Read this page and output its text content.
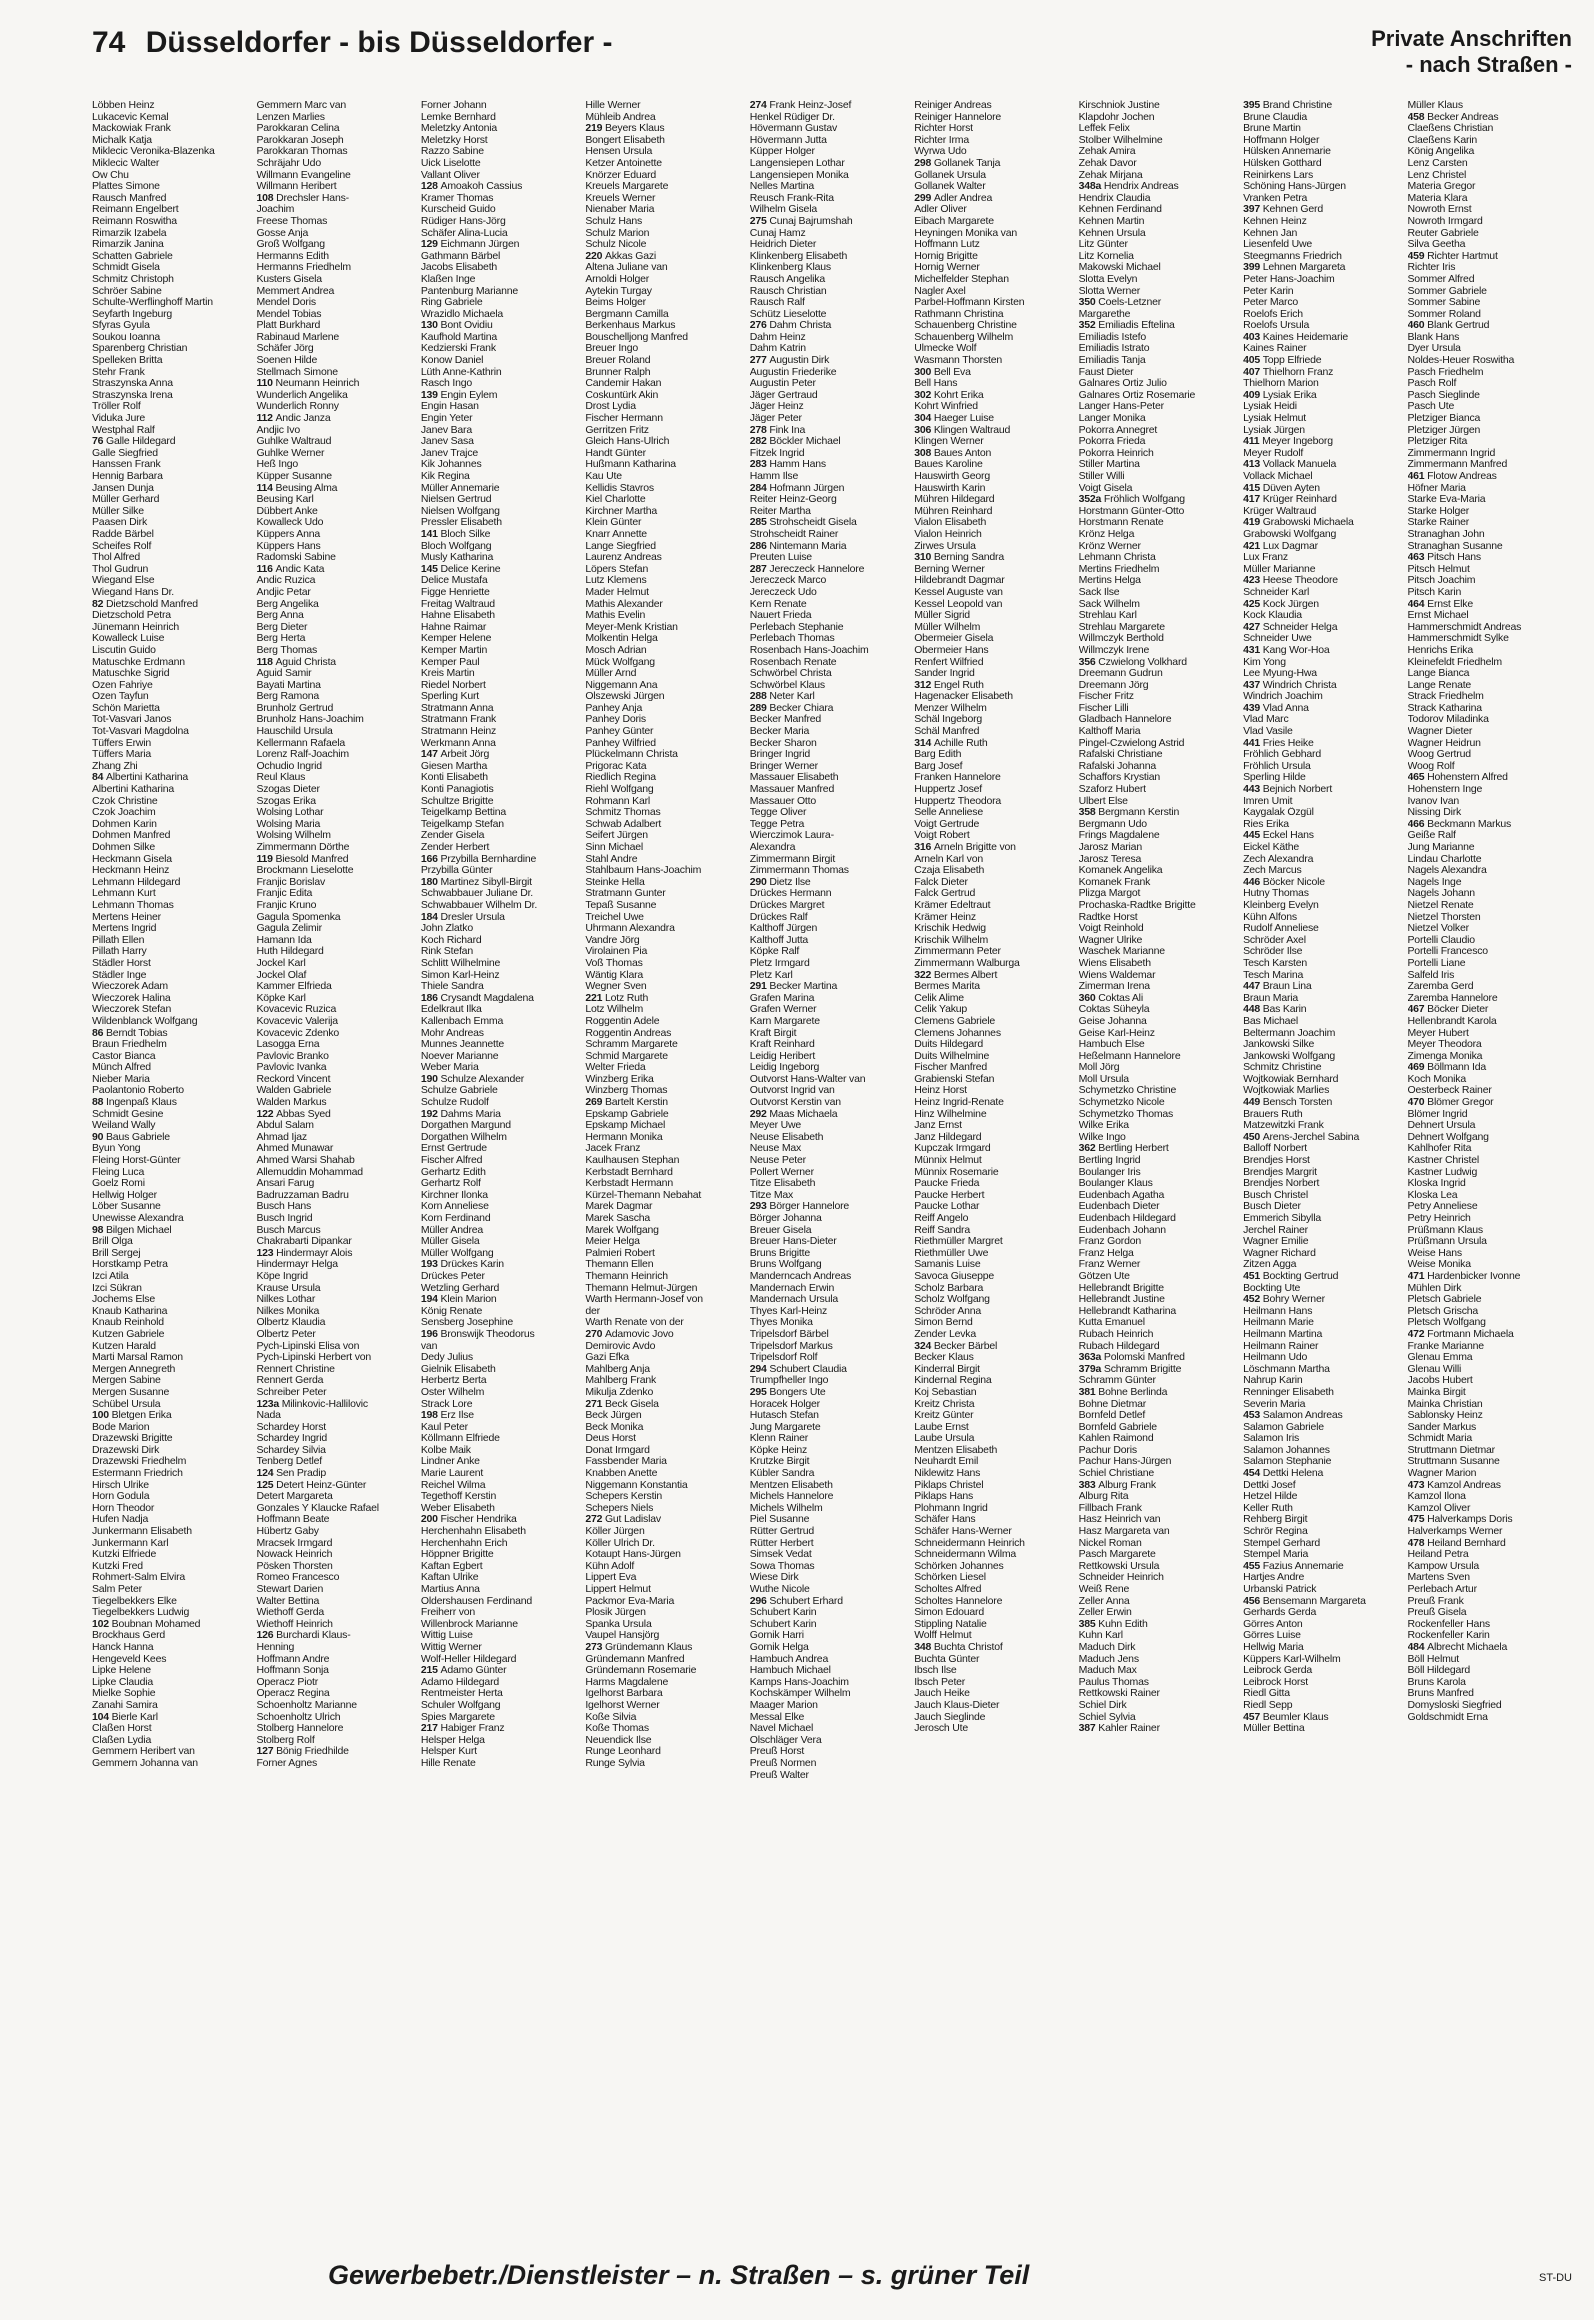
74 Düsseldorfer - bis Düsseldorfer -	Private Anschriften
- nach Straßen -
Löbben Heinz
Lukacevic Kemal
Mackowiak Frank
Michalk Katja
Miklecic Veronika-Blazenka
Miklecic Walter
Ow Chu
Plattes Simone
Rausch Manfred
Reimann Engelbert
Reimann Roswitha
Rimarzik Izabela
Rimarzik Janina
Schatten Gabriele
Schmidt Gisela
Schmitz Christoph
Schröer Sabine
Schulte-Werflinghoff Martin
Seyfarth Ingeburg
Sfyras Gyula
Soukou Ioanna
Sparenberg Christian
Spelleken Britta
Stehr Frank
Straszynska Anna
Straszynska Irena
Tröller Rolf
Viduka Jure
Westphal Ralf
76 Galle Hildegard
Galle Siegfried
Hanssen Frank
Hennig Barbara
Jansen Dunja
Müller Gerhard
Müller Silke
Paasen Dirk
Radde Bärbel
Scheifes Rolf
Thol Alfred
Thol Gudrun
Wiegand Else
Wiegand Hans Dr.
82 Dietzschold Manfred
Dietzschold Petra
Jünemann Heinrich
Kowalleck Luise
Liscutin Guido
Matuschke Erdmann
Matuschke Sigrid
Ozen Fahriye
Ozen Tayfun
Schön Marietta
Tot-Vasvari Janos
Tot-Vasvari Magdolna
Tüffers Erwin
Tüffers Maria
Zhang Zhi
84 Albertini Katharina
Albertini Katharina
Czok Christine
Czok Joachim
Dohmen Karin
Dohmen Manfred
Dohmen Silke
Heckmann Gisela
Heckmann Heinz
Lehmann Hildegard
Lehmann Kurt
Lehmann Thomas
Mertens Heiner
Mertens Ingrid
Pillath Ellen
Pillath Harry
Städler Horst
Städler Inge
Wieczorek Adam
Wieczorek Halina
Wieczorek Stefan
Wildenblanck Wolfgang
86 Berndt Tobias
Braun Friedhelm
Castor Bianca
Münch Alfred
Nieber Maria
Paolantonio Roberto
88 Ingenpaß Klaus
Schmidt Gesine
Weiland Wally
90 Baus Gabriele
Byun Yong
Fleing Horst-Günter
Fleing Luca
Goelz Romi
Hellwig Holger
Löber Susanne
Unewisse Alexandra
98 Bilgen Michael
Brill Olga
Brill Sergej
Horstkamp Petra
Izci Atila
Izci Sükran
Jochems Else
Knaub Katharina
Knaub Reinhold
Kutzen Gabriele
Kutzen Harald
Marti Marsal Ramon
Mergen Annegreth
Mergen Sabine
Mergen Susanne
Schübel Ursula
100 Bletgen Erika
Bode Marion
Drazewski Brigitte
Drazewski Dirk
Drazewski Friedhelm
Estermann Friedrich
Hirsch Ulrike
Horn Godula
Horn Theodor
Hufen Nadja
Junkermann Elisabeth
Junkermann Karl
Kutzki Elfriede
Kutzki Fred
Rohmert-Salm Elvira
Salm Peter
Tiegelbekkers Elke
Tiegelbekkers Ludwig
102 Boubnan Mohamed
Brockhaus Gerd
Hanck Hanna
Hengeveld Kees
Lipke Helene
Lipke Claudia
Mielke Sophie
Zanahi Samira
104 Bierle Karl
Claßen Horst
Claßen Lydia
Gemmern Heribert van
Gemmern Johanna van
Gemmern Marc van
Lenzen Marlies
Parokkaran Celina
Parokkaran Joseph
Parokkaran Thomas
Schräjahr Udo
Willmann Evangeline
Willmann Heribert
108 Drechsler Hans-
Joachim
Freese Thomas
Gosse Anja
Groß Wolfgang
Hermanns Edith
Hermanns Friedhelm
Kusters Gisela
Memmert Andrea
Mendel Doris
Mendel Tobias
Platt Burkhard
Rabinaud Marlene
Schäfer Jörg
Soenen Hilde
Stellmach Simone
110 Neumann Heinrich
Wunderlich Angelika
Wunderlich Ronny
112 Andic Janza
Andjic Ivo
Guhlke Waltraud
Guhlke Werner
Heß Ingo
Küpper Susanne
114 Beusing Alma
Beusing Karl
Dübbert Anke
Kowalleck Udo
Küppers Anna
Küppers Hans
Radomski Sabine
116 Andic Kata
Andic Ruzica
Andjic Petar
Berg Angelika
Berg Anna
Berg Dieter
Berg Herta
Berg Thomas
118 Aguid Christa
Aguid Samir
Bayati Martina
Berg Ramona
Brunholz Gertrud
Brunholz Hans-Joachim
Hauschild Ursula
Kellermann Rafaela
Lorenz Ralf-Joachim
Ochudio Ingrid
Reul Klaus
Szogas Dieter
Szogas Erika
Wolsing Lothar
Wolsing Maria
Wolsing Wilhelm
Zimmermann Dörthe
119 Biesold Manfred
Brockmann Lieselotte
Franjic Borislav
Franjic Edita
Franjic Kruno
Gagula Spomenka
Gagula Zelimir
Hamann Ida
Huth Hildegard
Jockel Karl
Jockel Olaf
Kammer Elfrieda
Köpke Karl
Kovacevic Ruzica
Kovacevic Valerija
Kovacevic Zdenko
Lasogga Erna
Pavlovic Branko
Pavlovic Ivanka
Reckord Vincent
Walden Gabriele
Walden Markus
122 Abbas Syed
Abdul Salam
Ahmad Ijaz
Ahmed Munawar
Ahmed Warsi Shahab
Allemuddin Mohammad
Ansari Farug
Badruzzaman Badru
Busch Hans
Busch Ingrid
Busch Marcus
Chakrabarti Dipankar
123 Hindermayr Alois
Hindermayr Helga
Köpe Ingrid
Krause Ursula
Nilkes Lothar
Nilkes Monika
Olbertz Klaudia
Olbertz Peter
Pych-Lipinski Elisa von
Pych-Lipinski Herbert von
Rennert Christine
Rennert Gerda
Schreiber Peter
123a Milinkovic-Hallilovic
Nada
Schardey Horst
Schardey Ingrid
Schardey Silvia
Tenberg Detlef
124 Sen Pradip
125 Detert Heinz-Günter
Detert Margareta
Gonzales Y Klaucke Rafael
Hoffmann Beate
Hübertz Gaby
Mracsek Irmgard
Nowack Heinrich
Pösken Thorsten
Romeo Francesco
Stewart Darien
Walter Bettina
Wiethoff Gerda
Wiethoff Heinrich
126 Burchardi Klaus-
Henning
Hoffmann Andre
Hoffmann Sonja
Operacz Piotr
Operacz Regina
Schoenholtz Marianne
Schoenholtz Ulrich
Stolberg Hannelore
Stolberg Rolf
127 Bönig Friedhilde
Forner Agnes
Forner Johann
Lemke Bernhard
Meletzky Antonia
Meletzky Horst
Razzo Sabine
Uick Liselotte
Vallant Oliver
128 Amoakoh Cassius
Kramer Thomas
Kurscheid Guido
Rüdiger Hans-Jörg
Schäfer Alina-Lucia
129 Eichmann Jürgen
Gathmann Bärbel
Jacobs Elisabeth
Klaßen Inge
Pantenburg Marianne
Ring Gabriele
Wrazidlo Michaela
130 Bont Ovidiu
Kaufhold Martina
Kedzierski Frank
Konow Daniel
Lüth Anne-Kathrin
Rasch Ingo
139 Engin Eylem
Engin Hasan
Engin Yeter
Janev Bara
Janev Sasa
Janev Trajce
Kik Johannes
Kik Regina
Müller Annemarie
Nielsen Gertrud
Nielsen Wolfgang
Pressler Elisabeth
141 Bloch Silke
Bloch Wolfgang
Musly Katharina
145 Delice Kerine
Delice Mustafa
Figge Henriette
Freitag Waltraud
Hahne Elisabeth
Hahne Raimar
Kemper Helene
Kemper Martin
Kemper Paul
Kreis Martin
Riedel Norbert
Sperling Kurt
Stratmann Anna
Stratmann Frank
Stratmann Heinz
Werkmann Anna
147 Arbeit Jörg
Giesen Martha
Konti Elisabeth
Konti Panagiotis
Schultze Brigitte
Teigelkamp Bettina
Teigelkamp Stefan
Zender Gisela
Zender Herbert
166 Przybilla Bernhardine
Przybilla Günter
180 Martinez Sibyll-Birgit
Schwabbauer Juliane Dr.
Schwabbauer Wilhelm Dr.
184 Dresler Ursula
John Zlatko
Koch Richard
Rink Stefan
Schlitt Wilhelmine
Simon Karl-Heinz
Thiele Sandra
186 Crysandt Magdalena
Edelkraut Ilka
Kallenbach Emma
Mohr Andreas
Munnes Jeannette
Noever Marianne
Weber Maria
190 Schulze Alexander
Schulze Gabriele
Schulze Rudolf
192 Dahms Maria
Dorgathen Margund
Dorgathen Wilhelm
Ernst Gertrude
Fischer Alfred
Gerhartz Edith
Gerhartz Rolf
Kirchner Ilonka
Korn Anneliese
Korn Ferdinand
Müller Andrea
Müller Gisela
Müller Wolfgang
193 Drückes Karin
Drückes Peter
Wetzling Gerhard
194 Klein Marion
König Renate
Sensberg Josephine
196 Bronswijk Theodorus
van
Dedy Julius
Gielnik Elisabeth
Herbertz Berta
Oster Wilhelm
Strack Lore
198 Erz Ilse
Kaul Peter
Köllmann Elfriede
Kolbe Maik
Lindner Anke
Marie Laurent
Reichel Wilma
Tegethoff Kerstin
Weber Elisabeth
200 Fischer Hendrika
Herchenhahn Elisabeth
Herchenhahn Erich
Höppner Brigitte
Kaftan Egbert
Kaftan Ulrike
Martius Anna
Oldershausen Ferdinand
Freiherr von
Willenbrock Marianne
Wittig Luise
Wittig Werner
Wolf-Heller Hildegard
215 Adamo Günter
Adamo Hildegard
Rentmeister Herta
Schuler Wolfgang
Spies Margarete
217 Habiger Franz
Helsper Helga
Helsper Kurt
Hille Renate
Hille Werner
Mühleib Andrea
219 Beyers Klaus
Bongert Elisabeth
Hensen Ursula
Ketzer Antoinette
Knörzer Eduard
Kreuels Margarete
Kreuels Werner
Nienaber Maria
Schulz Hans
Schulz Marion
Schulz Nicole
220 Akkas Gazi
Altena Juliane van
Arnoldi Holger
Aytekin Turgay
Beims Holger
Bergmann Camilla
Berkenhaus Markus
Bouschelljong Manfred
Breuer Ingo
Breuer Roland
Brunner Ralph
Candemir Hakan
Coskuntürk Akin
Drost Lydia
Fischer Hermann
Gerritzen Fritz
Gleich Hans-Ulrich
Handt Günter
Hußmann Katharina
Kau Ute
Kellidis Stavros
Kiel Charlotte
Kirchner Martha
Klein Günter
Knarr Annette
Lange Siegfried
Laurenz Andreas
Löpers Stefan
Lutz Klemens
Mader Helmut
Mathis Alexander
Mathis Evelin
Meyer-Menk Kristian
Molkentin Helga
Mosch Adrian
Mück Wolfgang
Müller Arnd
Niggemann Ana
Olszewski Jürgen
Panhey Anja
Panhey Doris
Panhey Günter
Panhey Wilfried
Plückelmann Christa
Prigorac Kata
Riedlich Regina
Riehl Wolfgang
Rohmann Karl
Schmitz Thomas
Schwab Adalbert
Seifert Jürgen
Sinn Michael
Stahl Andre
Stahlbaum Hans-Joachim
Steinke Hella
Stratmann Gunter
Tepaß Susanne
Treichel Uwe
Uhrmann Alexandra
Vandre Jörg
Virolainen Pia
Voß Thomas
Wäntig Klara
Wegner Sven
221 Lotz Ruth
Lotz Wilhelm
Roggentin Adele
Roggentin Andreas
Schramm Margarete
Schmid Margarete
Welter Frieda
Winzberg Erika
Winzberg Thomas
269 Bartelt Kerstin
Epskamp Gabriele
Epskamp Michael
Hermann Monika
Jacek Franz
Kaulhausen Stephan
Kerbstadt Bernhard
Kerbstadt Hermann
Kürzel-Themann Nebahat
Marek Dagmar
Marek Sascha
Marek Wolfgang
Meier Helga
Palmieri Robert
Themann Ellen
Themann Heinrich
Themann Helmut-Jürgen
Warth Hermann-Josef von
der
Warth Renate von der
270 Adamovic Jovo
Demirovic Avdo
Gazi Efka
Mahlberg Anja
Mahlberg Frank
Mikulja Zdenko
271 Beck Gisela
Beck Jürgen
Beck Monika
Deus Horst
Donat Irmgard
Fassbender Maria
Knabben Anette
Niggemann Konstantia
Schepers Kerstin
Schepers Niels
272 Gut Ladislav
Köller Jürgen
Köller Ulrich Dr.
Kotaupt Hans-Jürgen
Kühn Adolf
Lippert Eva
Lippert Helmut
Packmor Eva-Maria
Plosik Jürgen
Spanka Ursula
Vaupel Hansjörg
273 Gründemann Klaus
Gründemann Manfred
Gründemann Rosemarie
Harms Magdalene
Igelhorst Barbara
Igelhorst Werner
Koße Silvia
Koße Thomas
Neuendick Ilse
Runge Leonhard
Runge Sylvia
274 Frank Heinz-Josef
Henkel Rüdiger Dr.
Hövermann Gustav
Hövermann Jutta
Küpper Holger
Langensiepen Lothar
Langensiepen Monika
Nelles Martina
Reusch Frank-Rita
Wilhelm Gisela
275 Cunaj Bajrumshah
Cunaj Hamz
Heidrich Dieter
Klinkenberg Elisabeth
Klinkenberg Klaus
Rausch Angelika
Rausch Christian
Rausch Ralf
Schütz Lieselotte
276 Dahm Christa
Dahm Heinz
Dahm Katrin
277 Augustin Dirk
Augustin Friederike
Augustin Peter
Jäger Gertraud
Jäger Heinz
Jäger Peter
278 Fink Ina
282 Böckler Michael
Fitzek Ingrid
283 Hamm Hans
Hamm Ilse
284 Hofmann Jürgen
Reiter Heinz-Georg
Reiter Martha
285 Strohscheidt Gisela
Strohscheidt Rainer
286 Nintemann Maria
Preuten Luise
287 Jereczeck Hannelore
Jereczeck Marco
Jereczeck Udo
Kern Renate
Nauert Frieda
Perlebach Stephanie
Perlebach Thomas
Rosenbach Hans-Joachim
Rosenbach Renate
Schwörbel Christa
Schwörbel Klaus
288 Neter Karl
289 Becker Chiara
Becker Manfred
Becker Maria
Becker Sharon
Bringer Ingrid
Bringer Werner
Massauer Elisabeth
Massauer Manfred
Massauer Otto
Tegge Oliver
Tegge Petra
Wierczimok Laura-
Alexandra
Zimmermann Birgit
Zimmermann Thomas
290 Dietz Ilse
Drückes Hermann
Drückes Margret
Drückes Ralf
Kalthoff Jürgen
Kalthoff Jutta
Köpke Ralf
Pletz Irmgard
Pletz Karl
291 Becker Martina
Grafen Marina
Grafen Werner
Karn Margarete
Kraft Birgit
Kraft Reinhard
Leidig Heribert
Leidig Ingeborg
Outvorst Hans-Walter van
Outvorst Ingrid van
Outvorst Kerstin van
292 Maas Michaela
Meyer Uwe
Neuse Elisabeth
Neuse Max
Neuse Peter
Pollert Werner
Titze Elisabeth
Titze Max
293 Börger Hannelore
Börger Johanna
Breuer Gisela
Breuer Hans-Dieter
Bruns Brigitte
Bruns Wolfgang
Manderncach Andreas
Mandernach Erwin
Mandernach Ursula
Thyes Karl-Heinz
Thyes Monika
Tripelsdorf Bärbel
Tripelsdorf Markus
Tripelsdorf Rolf
294 Schubert Claudia
Trumpfheller Ingo
295 Bongers Ute
Horacek Holger
Hutasch Stefan
Jung Margarete
Klenn Rainer
Köpke Heinz
Krutzke Birgit
Kübler Sandra
Mentzen Elisabeth
Michels Hannelore
Michels Wilhelm
Piel Susanne
Rütter Gertrud
Rütter Herbert
Simsek Vedat
Sowa Thomas
Wiese Dirk
Wuthe Nicole
296 Schubert Erhard
Schubert Karin
Schubert Karin
Gornik Harri
Gornik Helga
Hambuch Andrea
Hambuch Michael
Kamps Hans-Joachim
Kochskämper Wilhelm
Maager Marion
Messal Elke
Navel Michael
Olschläger Vera
Preuß Horst
Preuß Normen
Preuß Walter
Reiniger Andreas
Reiniger Hannelore
Richter Horst
Richter Irma
Wyrwa Udo
298 Gollanek Tanja
Gollanek Ursula
Gollanek Walter
299 Adler Andrea
Adler Oliver
Eibach Margarete
Heyningen Monika van
Hoffmann Lutz
Hornig Brigitte
Hornig Werner
Michelfelder Stephan
Nagler Axel
Parbel-Hoffmann Kirsten
Rathmann Christina
Schauenberg Christine
Schauenberg Wilhelm
Ulmecke Wolf
Wasmann Thorsten
300 Bell Eva
Bell Hans
302 Kohrt Erika
Kohrt Winfried
304 Haeger Luise
306 Klingen Waltraud
Klingen Werner
308 Baues Anton
Baues Karoline
Hauswirth Georg
Hauswirth Karin
Mühren Hildegard
Mühren Reinhard
Vialon Elisabeth
Vialon Heinrich
Zirwes Ursula
310 Berning Sandra
Berning Werner
Hildebrandt Dagmar
Kessel Auguste van
Kessel Leopold van
Müller Sigrid
Müller Wilhelm
Obermeier Gisela
Obermeier Hans
Renfert Wilfried
Sander Ingrid
312 Engel Ruth
Hagenacker Elisabeth
Menzer Wilhelm
Schäl Ingeborg
Schäl Manfred
314 Achille Ruth
Barg Edith
Barg Josef
Franken Hannelore
Huppertz Josef
Huppertz Theodora
Selle Anneliese
Voigt Gertrude
Voigt Robert
316 Arneln Brigitte von
Arneln Karl von
Czaja Elisabeth
Falck Dieter
Falck Gertrud
Krämer Edeltraut
Krämer Heinz
Krischik Hedwig
Krischik Wilhelm
Zimmermann Peter
Zimmermann Walburga
322 Bermes Albert
Bermes Marita
Celik Alime
Celik Yakup
Clemens Gabriele
Clemens Johannes
Duits Hildegard
Duits Wilhelmine
Fischer Manfred
Grabienski Stefan
Heinz Horst
Heinz Ingrid-Renate
Hinz Wilhelmine
Janz Ernst
Janz Hildegard
Kupczak Irmgard
Münnix Helmut
Münnix Rosemarie
Paucke Frieda
Paucke Herbert
Paucke Lothar
Reiff Angelo
Reiff Sandra
Riethmüller Margret
Riethmüller Uwe
Samanis Luise
Savoca Giuseppe
Scholz Barbara
Scholz Wolfgang
Schröder Anna
Simon Bernd
Zender Levka
324 Becker Bärbel
Becker Klaus
Kinderral Birgit
Kindernal Regina
Koj Sebastian
Kreitz Christa
Kreitz Günter
Laube Ernst
Laube Ursula
Mentzen Elisabeth
Neuhardt Emil
Niklewitz Hans
Piklaps Christel
Piklaps Hans
Plohmann Ingrid
Schäfer Hans
Schäfer Hans-Werner
Schneidermann Heinrich
Schneidermann Wilma
Schörken Johannes
Schörken Liesel
Scholtes Alfred
Scholtes Hannelore
Simon Edouard
Stippling Natalie
Wolff Helmut
348 Buchta Christof
Buchta Günter
Ibsch Ilse
Ibsch Peter
Jauch Heike
Jauch Klaus-Dieter
Jauch Sieglinde
Jerosch Ute
Kirschniok Justine
Klapdohr Jochen
Leffek Felix
Stolber Wilhelmine
Zehak Amira
Zehak Davor
Zehak Mirjana
348a Hendrix Andreas
Hendrix Claudia
Kehnen Ferdinand
Kehnen Martin
Kehnen Ursula
Litz Günter
Litz Kornelia
Makowski Michael
Slotta Evelyn
Slotta Werner
350 Coels-Letzner
Margarethe
352 Emiliadis Eftelina
Emiliadis Istefo
Emiliadis Istrato
Emiliadis Tanja
Faust Dieter
Galnares Ortiz Julio
Galnares Ortiz Rosemarie
Langer Hans-Peter
Langer Monika
Pokorra Annegret
Pokorra Frieda
Pokorra Heinrich
Stiller Martina
Stiller Willi
Voigt Gisela
352a Fröhlich Wolfgang
Horstmann Günter-Otto
Horstmann Renate
Krönz Helga
Krönz Werner
Lehmann Christa
Mertins Friedhelm
Mertins Helga
Sack Ilse
Sack Wilhelm
Strehlau Karl
Strehlau Margarete
Willmczyk Berthold
Willmczyk Irene
356 Czwielong Volkhard
Dreemann Gudrun
Dreemann Jörg
Fischer Fritz
Fischer Lilli
Gladbach Hannelore
Kalthoff Maria
Pingel-Czwielong Astrid
Rafalski Christiane
Rafalski Johanna
Schaffors Krystian
Szaforz Hubert
Ulbert Else
358 Bergmann Kerstin
Bergmann Udo
Frings Magdalene
Jarosz Marian
Jarosz Teresa
Komanek Angelika
Komanek Frank
Plizga Margot
Prochaska-Radtke Brigitte
Radtke Horst
Voigt Reinhold
Wagner Ulrike
Waschek Marianne
Wiens Elisabeth
Wiens Waldemar
Zimerman Irena
360 Coktas Ali
Coktas Süheyla
Geise Johanna
Geise Karl-Heinz
Hambuch Else
Heßelmann Hannelore
Moll Jörg
Moll Ursula
Schymetzko Christine
Schymetzko Nicole
Schymetzko Thomas
Wilke Erika
Wilke Ingo
362 Bertling Herbert
Bertling Ingrid
Boulanger Iris
Boulanger Klaus
Eudenbach Agatha
Eudenbach Dieter
Eudenbach Hildegard
Eudenbach Johann
Franz Gordon
Franz Helga
Franz Werner
Götzen Ute
Hellebrandt Brigitte
Hellebrandt Justine
Hellebrandt Katharina
Kutta Emanuel
Rubach Heinrich
Rubach Hildegard
363a Polomski Manfred
379a Schramm Brigitte
Schramm Günter
381 Bohne Berlinda
Bohne Dietmar
Bornfeld Detlef
Bornfeld Gabriele
Kahlen Raimond
Pachur Doris
Pachur Hans-Jürgen
Schiel Christiane
383 Alburg Frank
Alburg Rita
Fillbach Frank
Hasz Heinrich van
Hasz Margareta van
Nickel Roman
Pasch Margarete
Rettkowski Ursula
Schneider Heinrich
Weiß Rene
Zeller Anna
Zeller Erwin
385 Kuhn Edith
Kuhn Karl
Maduch Dirk
Maduch Jens
Maduch Max
Paulus Thomas
Rettkowski Rainer
Schiel Dirk
Schiel Sylvia
387 Kahler Rainer
395 Brand Christine
Brune Claudia
Brune Martin
Hoffmann Holger
Hülsken Annemarie
Hülsken Gotthard
Reinirkens Lars
Schöning Hans-Jürgen
Vranken Petra
397 Kehnen Gerd
Kehnen Heinz
Kehnen Jan
Liesenfeld Uwe
Steegmanns Friedrich
399 Lehnen Margareta
Peter Hans-Joachim
Peter Karin
Peter Marco
Roelofs Erich
Roelofs Ursula
403 Kaines Heidemarie
Kaines Rainer
405 Topp Elfriede
407 Thielhorn Franz
Thielhorn Marion
409 Lysiak Erika
Lysiak Heidi
Lysiak Helmut
Lysiak Jürgen
411 Meyer Ingeborg
Meyer Rudolf
413 Vollack Manuela
Vollack Michael
415 Düven Ayten
417 Krüger Reinhard
Krüger Waltraud
419 Grabowski Michaela
Grabowski Wolfgang
421 Lux Dagmar
Lux Franz
Müller Marianne
423 Heese Theodore
Schneider Karl
425 Kock Jürgen
Kock Klaudia
427 Schneider Helga
Schneider Uwe
431 Kang Wor-Hoa
Kim Yong
Lee Myung-Hwa
437 Windrich Christa
Windrich Joachim
439 Vlad Anna
Vlad Marc
Vlad Vasile
441 Fries Heike
Fröhlich Gebhard
Fröhlich Ursula
Sperling Hilde
443 Bejnich Norbert
Imren Umit
Kaygalak Özgül
Ries Erika
445 Eckel Hans
Eickel Käthe
Zech Alexandra
Zech Marcus
446 Böcker Nicole
Hutny Thomas
Kleinberg Evelyn
Kühn Alfons
Rudolf Anneliese
Schröder Axel
Schröder Ilse
Tesch Karsten
Tesch Marina
447 Braun Lina
Braun Maria
448 Bas Karin
Bas Michael
Beltermann Joachim
Jankowski Silke
Jankowski Wolfgang
Schmitz Christine
Wojtkowiak Bernhard
Wojtkowiak Marlies
449 Bensch Torsten
Brauers Ruth
Matzewitzki Frank
450 Arens-Jerchel Sabina
Balloff Norbert
Brendjes Horst
Brendjes Margrit
Brendjes Norbert
Busch Christel
Busch Dieter
Emmerich Sibylla
Jerchel Rainer
Wagner Emilie
Wagner Richard
Zitzen Agga
451 Bockting Gertrud
Bockting Ute
452 Bohry Werner
Heilmann Hans
Heilmann Marie
Heilmann Martina
Heilmann Rainer
Heilmann Udo
Löschmann Martha
Nahrup Karin
Renninger Elisabeth
Severin Maria
453 Salamon Andreas
Salamon Gabriele
Salamon Iris
Salamon Johannes
Salamon Stephanie
454 Dettki Helena
Dettki Josef
Hetzel Hilde
Keller Ruth
Rehberg Birgit
Schrör Regina
Stempel Gerhard
Stempel Maria
455 Fazius Annemarie
Hartjes Andre
Urbanski Patrick
456 Bensemann Margareta
Gerhards Gerda
Görres Anton
Görres Luise
Hellwig Maria
Küppers Karl-Wilhelm
Leibrock Gerda
Leibrock Horst
Riedl Gitta
Riedl Sepp
457 Beumler Klaus
Müller Bettina
Müller Klaus
458 Becker Andreas
Claeßens Christian
Claeßens Karin
König Angelika
Lenz Carsten
Lenz Christel
Materia Gregor
Materia Klara
Nowroth Ernst
Nowroth Irmgard
Reuter Gabriele
Silva Geetha
459 Richter Hartmut
Richter Iris
Sommer Alfred
Sommer Gabriele
Sommer Sabine
Sommer Roland
460 Blank Gertrud
Blank Hans
Dyer Ursula
Noldes-Heuer Roswitha
Pasch Friedhelm
Pasch Rolf
Pasch Sieglinde
Pasch Ute
Pletziger Bianca
Pletziger Jürgen
Pletziger Rita
Zimmermann Ingrid
Zimmermann Manfred
461 Flotow Andreas
Höfner Maria
Starke Eva-Maria
Starke Holger
Starke Rainer
Stranaghan John
Stranaghan Susanne
463 Pitsch Hans
Pitsch Helmut
Pitsch Joachim
Pitsch Karin
464 Ernst Elke
Ernst Michael
Hammerschmidt Andreas
Hammerschmidt Sylke
Henrichs Erika
Kleinefeldt Friedhelm
Lange Bianca
Lange Renate
Strack Friedhelm
Strack Katharina
Todorov Miladinka
Wagner Dieter
Wagner Heidrun
Woog Gertrud
Woog Rolf
465 Hohenstern Alfred
Hohenstern Inge
Ivanov Ivan
Nissing Dirk
466 Beckmann Markus
Geiße Ralf
Jung Marianne
Lindau Charlotte
Nagels Alexandra
Nagels Inge
Nagels Johann
Nietzel Renate
Nietzel Thorsten
Nietzel Volker
Portelli Claudio
Portelli Francesco
Portelli Liane
Salfeld Iris
Zaremba Gerd
Zaremba Hannelore
467 Böcker Dieter
Hellenbrandt Karola
Meyer Hubert
Meyer Theodora
Zimenga Monika
469 Böllmann Ida
Koch Monika
Oesterbeck Rainer
470 Blömer Gregor
Blömer Ingrid
Dehnert Ursula
Dehnert Wolfgang
Kahlhofer Rita
Kastner Christel
Kastner Ludwig
Kloska Ingrid
Kloska Lea
Petry Anneliese
Petry Heinrich
Prüßmann Klaus
Prüßmann Ursula
Weise Hans
Weise Monika
471 Hardenbicker Ivonne
Mühlen Dirk
Pletsch Gabriele
Pletsch Grischa
Pletsch Wolfgang
472 Fortmann Michaela
Franke Marianne
Glenau Emma
Glenau Willi
Jacobs Hubert
Mainka Birgit
Mainka Christian
Sablonsky Heinz
Sander Markus
Schmidt Maria
Struttmann Dietmar
Struttmann Susanne
Wagner Marion
473 Kamzol Andreas
Kamzol Ilona
Kamzol Oliver
475 Halverkamps Doris
Halverkamps Werner
478 Heiland Bernhard
Heiland Petra
Kampow Ursula
Martens Sven
Perlebach Artur
Preuß Frank
Preuß Gisela
Rockenfeller Hans
Rockenfeller Karin
484 Albrecht Michaela
Böll Helmut
Böll Hildegard
Bruns Karola
Bruns Manfred
Domysloski Siegfried
Goldschmidt Erna
Gewerbebetr./Dienstleister – n. Straßen – s. grüner Teil	ST-DU
